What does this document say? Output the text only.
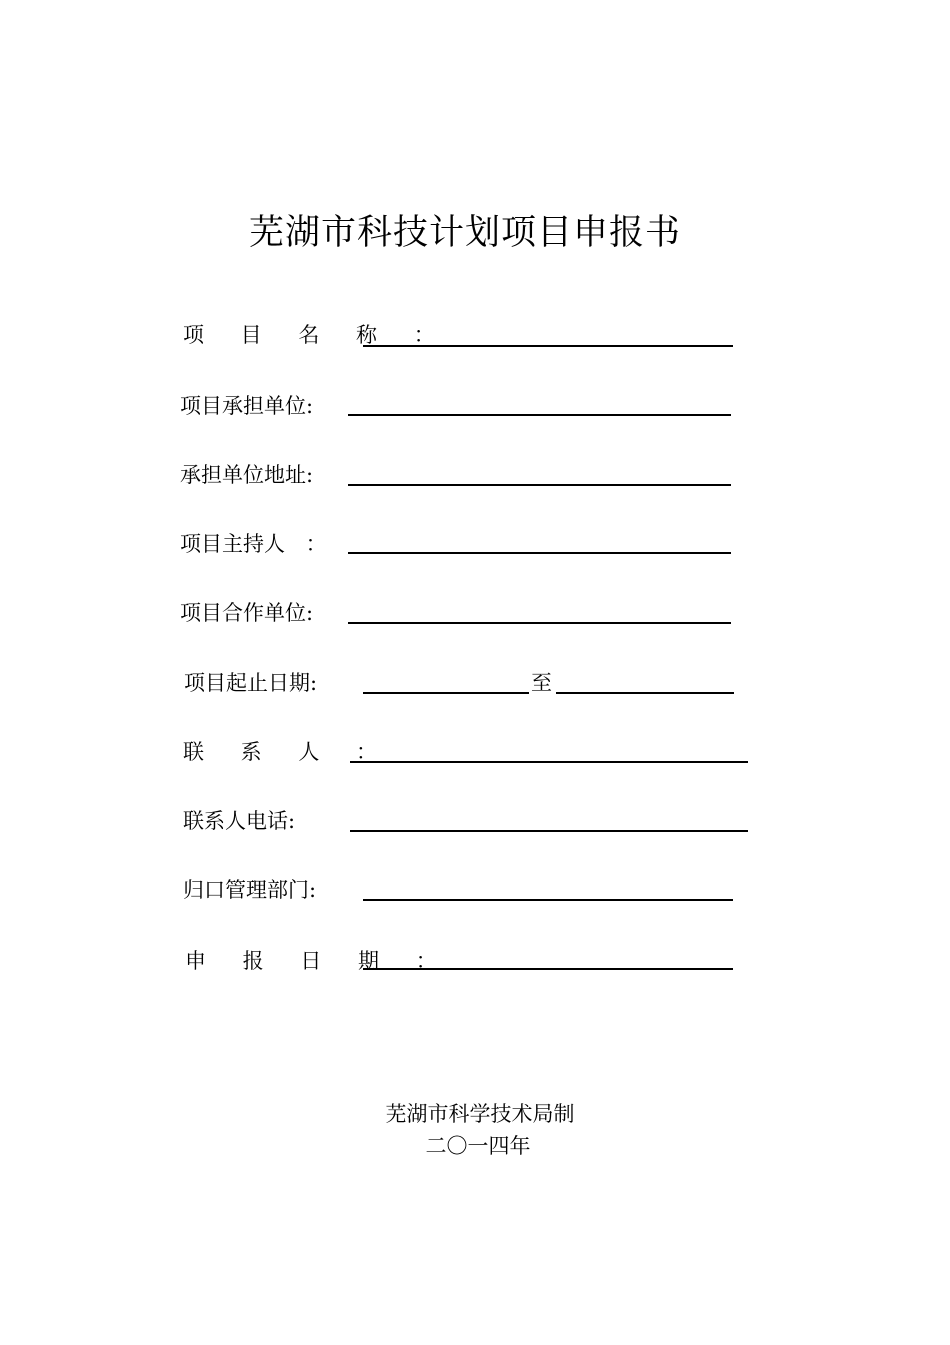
芜湖市科技计划项目申报书
项 目 名 称 ：
项目承担单位:
承担单位地址:
项目主持人 ：
项目合作单位:
项目起止日期:	至
联 系 人 ：
联系人电话:
归口管理部门:
申 报 日 期 ：
芜湖市科学技术局制
二〇一四年
